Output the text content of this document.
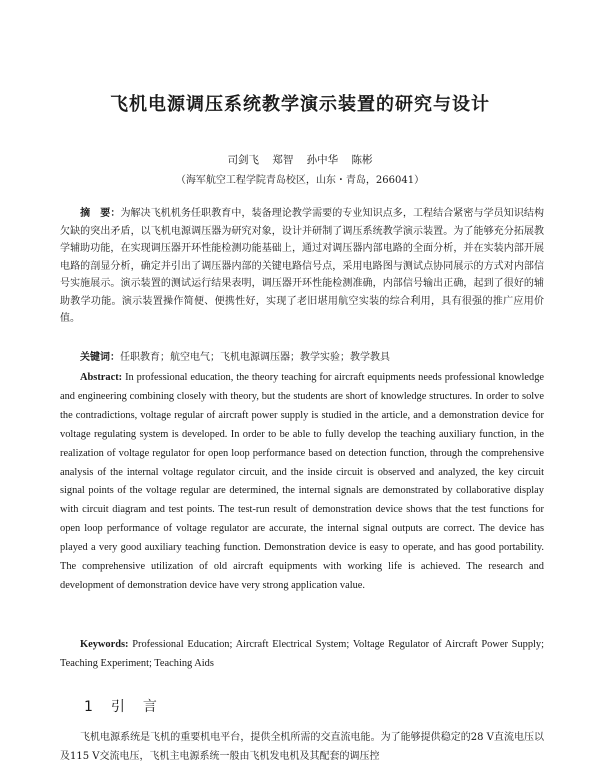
飞机电源调压系统教学演示装置的研究与设计
司剑飞 郑智 孙中华 陈彬
（海军航空工程学院青岛校区，山东・青岛，266041）
摘　要：为解决飞机机务任职教育中，装备理论教学需要的专业知识点多，工程结合紧密与学员知识结构欠缺的突出矛盾，以飞机电源调压器为研究对象，设计并研制了调压系统教学演示装置。为了能够充分拓展教学辅助功能，在实现调压器开环性能检测功能基础上，通过对调压器内部电路的全面分析，并在实装内部开展电路的剖显分析，确定并引出了调压器内部的关键电路信号点，采用电路图与测试点协同展示的方式对内部信号实施展示。演示装置的测试运行结果表明，调压器开环性能检测准确，内部信号输出正确，起到了很好的辅助教学功能。演示装置操作简便、便携性好，实现了老旧堪用航空实装的综合利用，具有很强的推广应用价值。
关键词：任职教育；航空电气；飞机电源调压器；教学实验；教学教具
Abstract: In professional education, the theory teaching for aircraft equipments needs professional knowledge and engineering combining closely with theory, but the students are short of knowledge structures. In order to solve the contradictions, voltage regular of aircraft power supply is studied in the article, and a demonstration device for voltage regulating system is developed. In order to be able to fully develop the teaching auxiliary function, in the realization of voltage regulator for open loop performance based on detection function, through the comprehensive analysis of the internal voltage regulator circuit, and the inside circuit is observed and analyzed, the key circuit signal points of the voltage regular are determined, the internal signals are demonstrated by collaborative display with circuit diagram and test points. The test-run result of demonstration device shows that the test functions for open loop performance of voltage regulator are accurate, the internal signal outputs are correct. The device has played a very good auxiliary teaching function. Demonstration device is easy to operate, and has good portability. The comprehensive utilization of old aircraft equipments with working life is achieved. The research and development of demonstration device have very strong application value.
Keywords: Professional Education; Aircraft Electrical System; Voltage Regulator of Aircraft Power Supply; Teaching Experiment; Teaching Aids
1 引　言
飞机电源系统是飞机的重要机电平台，提供全机所需的交直流电能。为了能够提供稳定的28 V直流电压以及115 V交流电压，飞机主电源系统一般由飞机发电机及其配套的调压控
